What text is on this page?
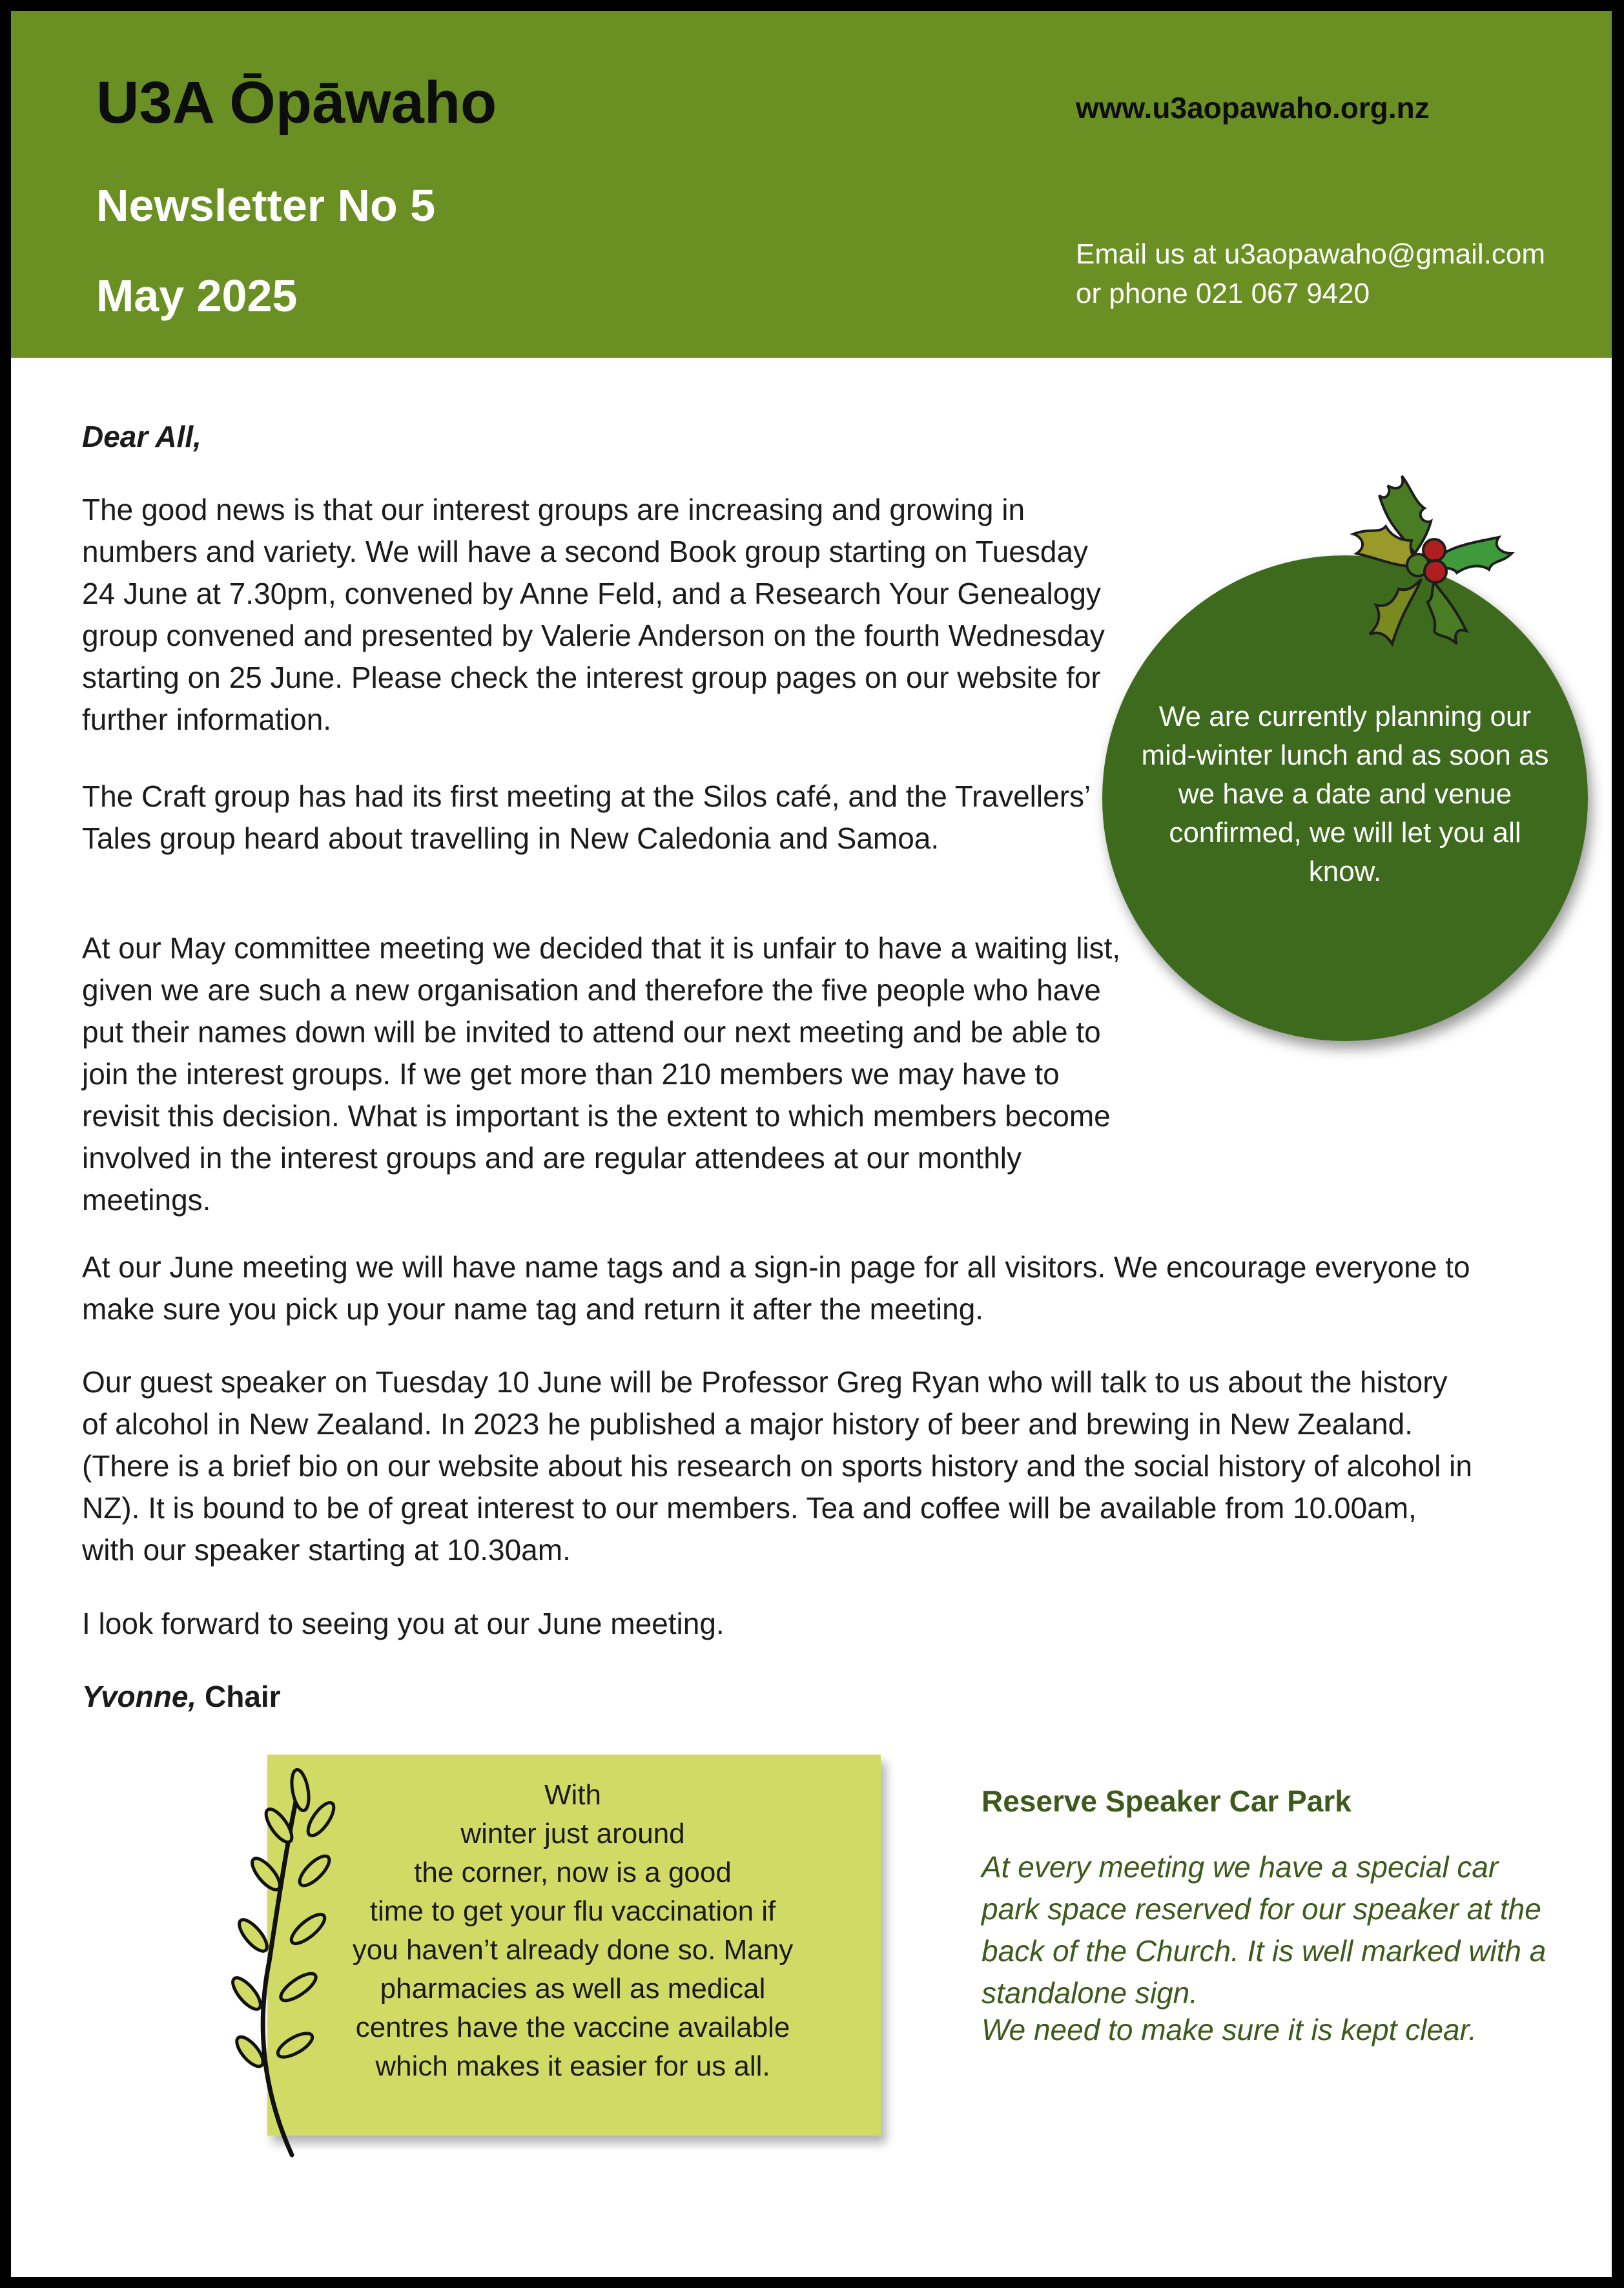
U3A Ōpāwaho
Newsletter No 5
May 2025
www.u3aopawaho.org.nz
Email us at u3aopawaho@gmail.com
or phone 021 067 9420
Dear All,

The good news is that our interest groups are increasing and growing in numbers and variety. We will have a second Book group starting on Tuesday 24 June at 7.30pm, convened by Anne Feld, and a Research Your Genealogy group convened and presented by Valerie Anderson on the fourth Wednesday starting on 25 June. Please check the interest group pages on our website for further information.

The Craft group has had its first meeting at the Silos café, and the Travellers’ Tales group heard about travelling in New Caledonia and Samoa.

At our May committee meeting we decided that it is unfair to have a waiting list, given we are such a new organisation and therefore the five people who have put their names down will be invited to attend our next meeting and be able to join the interest groups. If we get more than 210 members we may have to revisit this decision. What is important is the extent to which members become involved in the interest groups and are regular attendees at our monthly meetings.

At our June meeting we will have name tags and a sign-in page for all visitors. We encourage everyone to make sure you pick up your name tag and return it after the meeting.

Our guest speaker on Tuesday 10 June will be Professor Greg Ryan who will talk to us about the history of alcohol in New Zealand. In 2023 he published a major history of beer and brewing in New Zealand. (There is a brief bio on our website about his research on sports history and the social history of alcohol in NZ). It is bound to be of great interest to our members. Tea and coffee will be available from 10.00am, with our speaker starting at 10.30am.

I look forward to seeing you at our June meeting.

Yvonne, Chair

We are currently planning our mid-winter lunch and as soon as we have a date and venue confirmed, we will let you all know.

With
winter just around
the corner, now is a good
time to get your flu vaccination if
you haven’t already done so. Many
pharmacies as well as medical
centres have the vaccine available
which makes it easier for us all.
Reserve Speaker Car Park

At every meeting we have a special car park space reserved for our speaker at the back of the Church. It is well marked with a standalone sign.

We need to make sure it is kept clear.
